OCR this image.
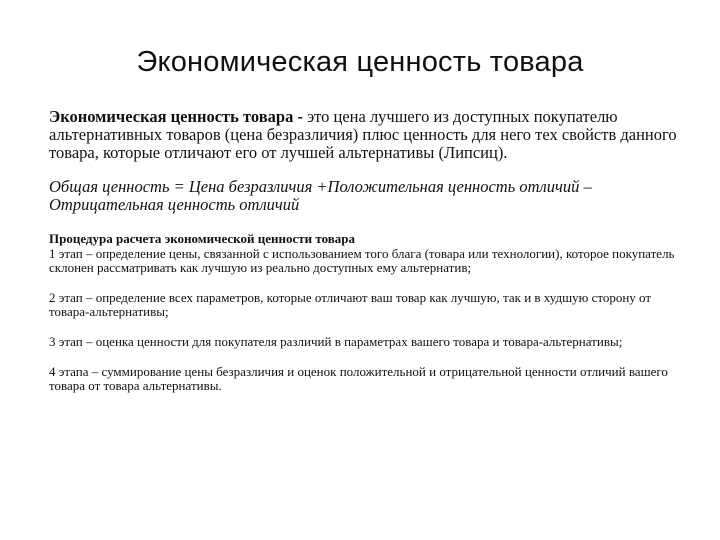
Экономическая ценность товара

Экономическая ценность товара - это цена лучшего из доступных покупателю альтернативных товаров (цена безразличия) плюс ценность для него тех свойств данного товара, которые отличают его от лучшей альтернативы (Липсиц).

Общая ценность = Цена безразличия +Положительная ценность отличий – Отрицательная ценность отличий

Процедура расчета экономической ценности товара

1 этап – определение цены, связанной с использованием того блага (товара или технологии), которое покупатель склонен рассматривать как лучшую из реально доступных ему альтернатив;

2 этап – определение всех параметров, которые отличают ваш товар как лучшую, так и в худшую сторону от товара-альтернативы;

3 этап – оценка ценности для покупателя различий в параметрах вашего товара и товара-альтернативы;

4 этапа – суммирование цены безразличия и оценок положительной и отрицательной ценности отличий вашего товара от товара альтернативы.
